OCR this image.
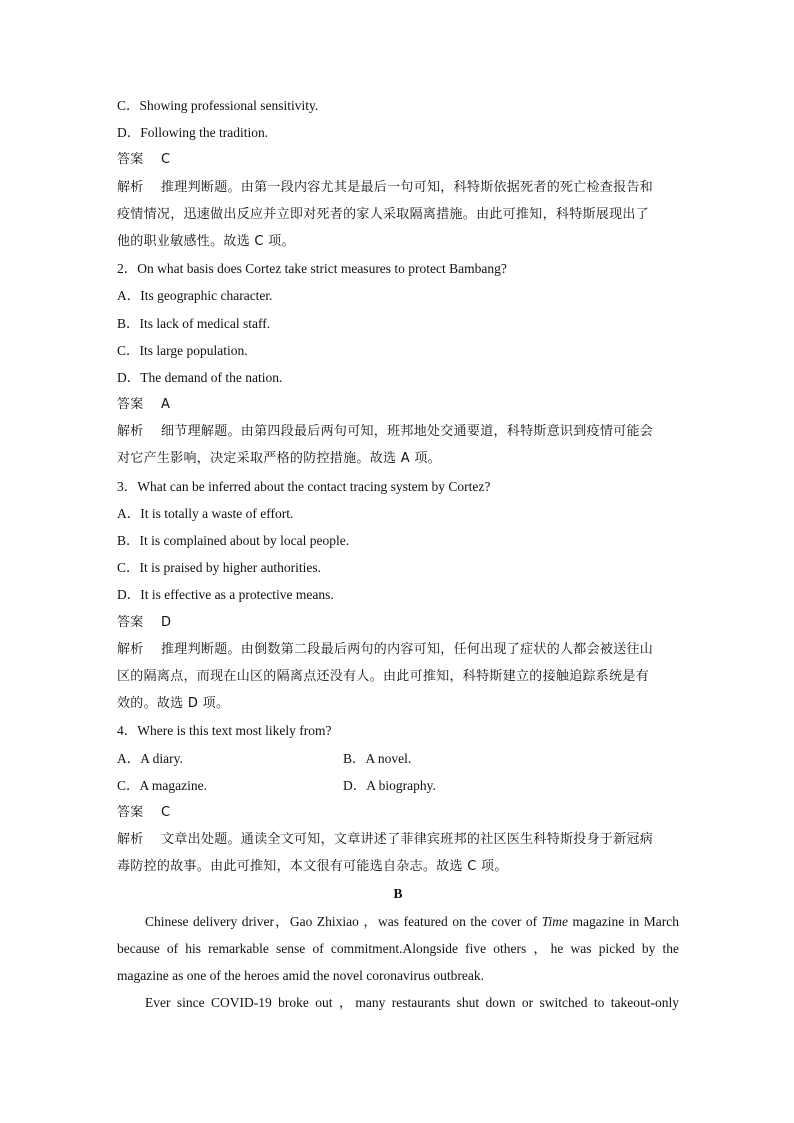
C．Showing professional sensitivity.
D．Following the tradition.
答案 C
解析 推理判断题。由第一段内容尤其是最后一句可知，科特斯依据死者的死亡检查报告和
疫情情况，迅速做出反应并立即对死者的家人采取隔离措施。由此可推知，科特斯展现出了
他的职业敏感性。故选 C 项。
2．On what basis does Cortez take strict measures to protect Bambang?
A．Its geographic character.
B．Its lack of medical staff.
C．Its large population.
D．The demand of the nation.
答案 A
解析 细节理解题。由第四段最后两句可知，班邦地处交通要道，科特斯意识到疫情可能会
对它产生影响，决定采取严格的防控措施。故选 A 项。
3．What can be inferred about the contact tracing system by Cortez?
A．It is totally a waste of effort.
B．It is complained about by local people.
C．It is praised by higher authorities.
D．It is effective as a protective means.
答案 D
解析 推理判断题。由倒数第二段最后两句的内容可知，任何出现了症状的人都会被送往山
区的隔离点，而现在山区的隔离点还没有人。由此可推知，科特斯建立的接触追踪系统是有
效的。故选 D 项。
4．Where is this text most likely from?
A．A diary.	B．A novel.
C．A magazine.	D．A biography.
答案 C
解析 文章出处题。通读全文可知，文章讲述了菲律宾班邦的社区医生科特斯投身于新冠病
毒防控的故事。由此可推知，本文很有可能选自杂志。故选 C 项。
B
Chinese delivery driver，Gao Zhixiao ，was featured on the cover of Time magazine in March
because of his remarkable sense of commitment.Alongside five others ，he was picked by the
magazine as one of the heroes amid the novel coronavirus outbreak.
Ever since COVID-19 broke out ，many restaurants shut down or switched to takeout-only
